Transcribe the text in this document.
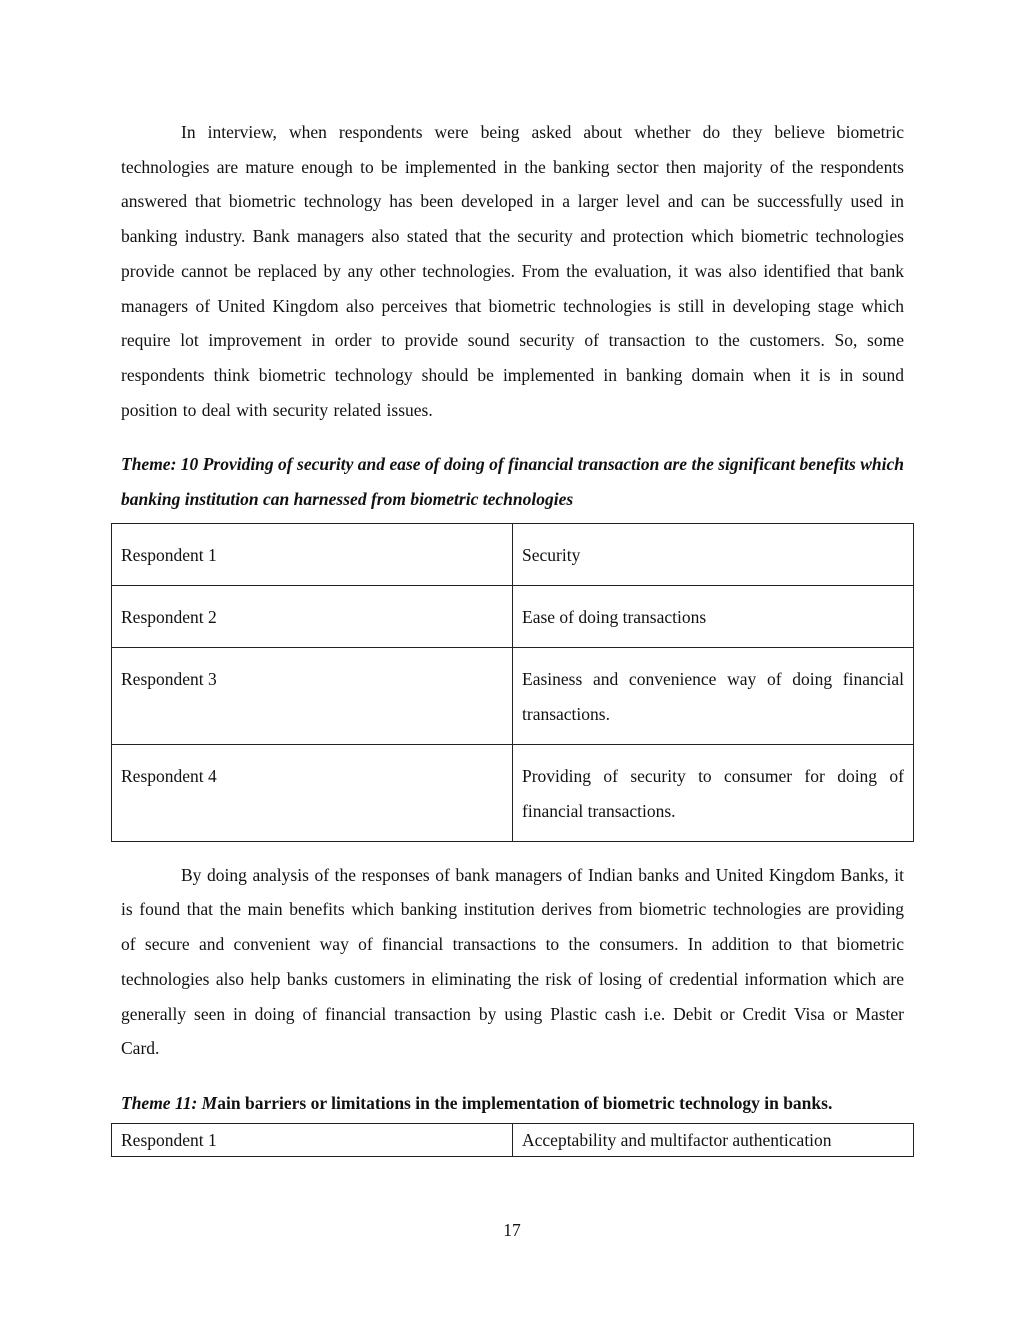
In interview, when respondents were being asked about whether do they believe biometric technologies are mature enough to be implemented in the banking sector then majority of the respondents answered that biometric technology has been developed in a larger level and can be successfully used in banking industry. Bank managers also stated that the security and protection which biometric technologies provide cannot be replaced by any other technologies. From the evaluation, it was also identified that bank managers of United Kingdom also perceives that biometric technologies is still in developing stage which require lot improvement in order to provide sound security of transaction to the customers. So, some respondents think biometric technology should be implemented in banking domain when it is in sound position to deal with security related issues.

Theme: 10 Providing of security and ease of doing of financial transaction are the significant benefits which banking institution can harnessed from biometric technologies

Respondent 1	Security
Respondent 2	Ease of doing transactions
Respondent 3	Easiness and convenience way of doing financial transactions.
Respondent 4	Providing of security to consumer for doing of financial transactions.

By doing analysis of the responses of bank managers of Indian banks and United Kingdom Banks, it is found that the main benefits which banking institution derives from biometric technologies are providing of secure and convenient way of financial transactions to the consumers. In addition to that biometric technologies also help banks customers in eliminating the risk of losing of credential information which are generally seen in doing of financial transaction by using Plastic cash i.e. Debit or Credit Visa or Master Card.

Theme 11: Main barriers or limitations in the implementation of biometric technology in banks.

Respondent 1	Acceptability and multifactor authentication
17
